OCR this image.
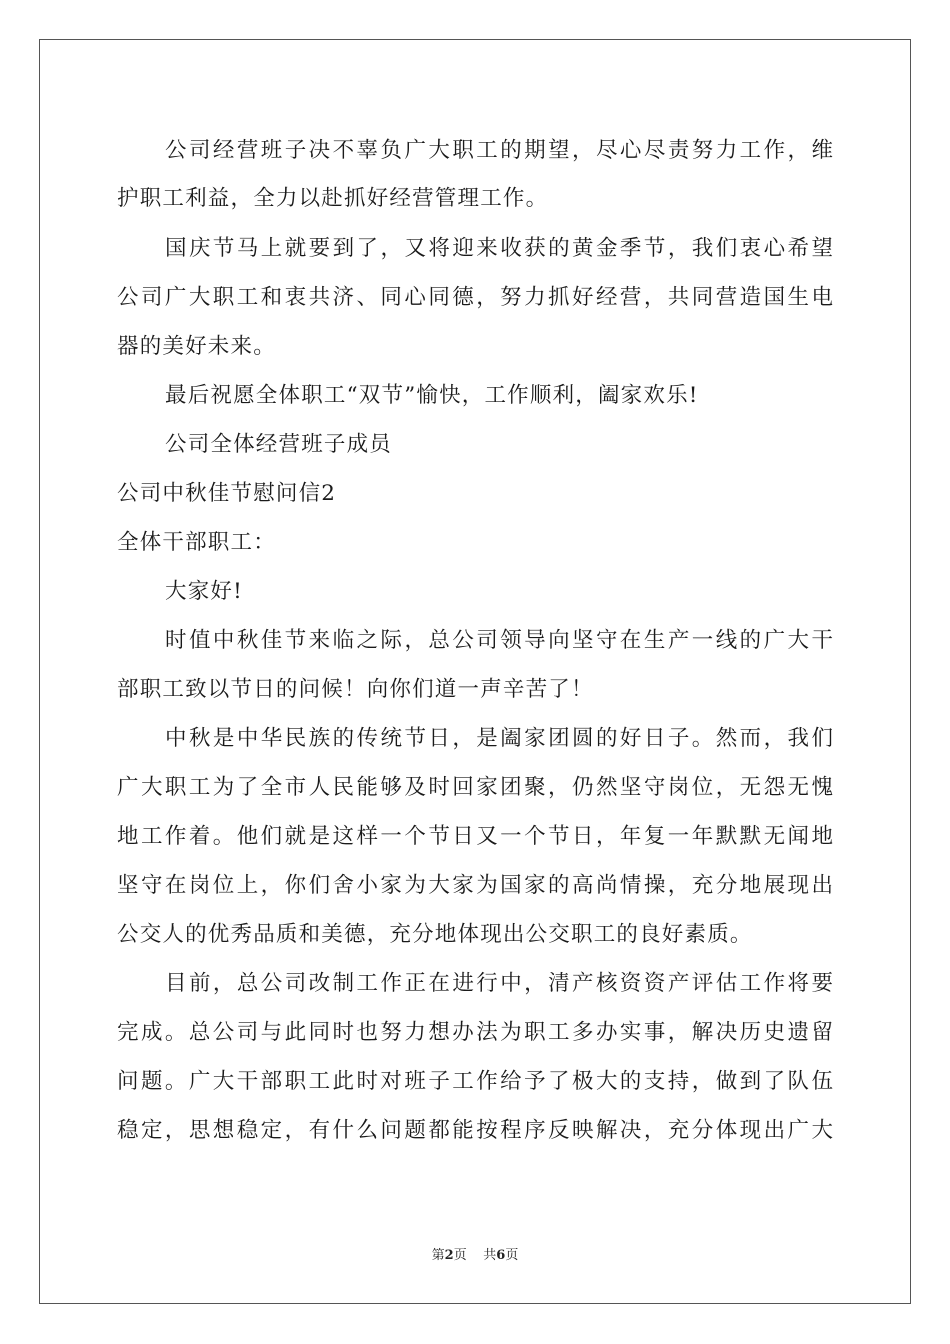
公司经营班子决不辜负广大职工的期望，尽心尽责努力工作，维
护职工利益，全力以赴抓好经营管理工作。
国庆节马上就要到了，又将迎来收获的黄金季节，我们衷心希望
公司广大职工和衷共济、同心同德，努力抓好经营，共同营造国生电
器的美好未来。
最后祝愿全体职工“双节”愉快，工作顺利，阖家欢乐!
公司全体经营班子成员
公司中秋佳节慰问信2
全体干部职工：
大家好!
时值中秋佳节来临之际，总公司领导向坚守在生产一线的广大干
部职工致以节日的问候！向你们道一声辛苦了！
中秋是中华民族的传统节日，是阖家团圆的好日子。然而，我们
广大职工为了全市人民能够及时回家团聚，仍然坚守岗位，无怨无愧
地工作着。他们就是这样一个节日又一个节日，年复一年默默无闻地
坚守在岗位上，你们舍小家为大家为国家的高尚情操，充分地展现出
公交人的优秀品质和美德，充分地体现出公交职工的良好素质。
目前，总公司改制工作正在进行中，清产核资资产评估工作将要
完成。总公司与此同时也努力想办法为职工多办实事，解决历史遗留
问题。广大干部职工此时对班子工作给予了极大的支持，做到了队伍
稳定，思想稳定，有什么问题都能按程序反映解决，充分体现出广大
第2页 共6页
